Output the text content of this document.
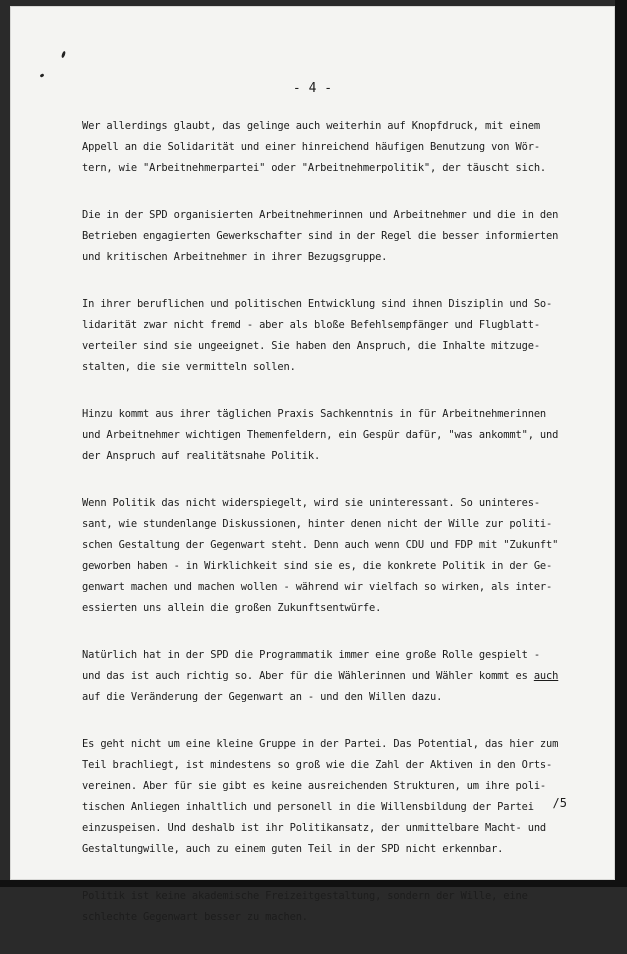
- 4 -

Wer allerdings glaubt, das gelinge auch weiterhin auf Knopfdruck, mit einem
Appell an die Solidarität und einer hinreichend häufigen Benutzung von Wör-
tern, wie "Arbeitnehmerpartei" oder "Arbeitnehmerpolitik", der täuscht sich.

Die in der SPD organisierten Arbeitnehmerinnen und Arbeitnehmer und die in den
Betrieben engagierten Gewerkschafter sind in der Regel die besser informierten
und kritischen Arbeitnehmer in ihrer Bezugsgruppe.

In ihrer beruflichen und politischen Entwicklung sind ihnen Disziplin und So-
lidarität zwar nicht fremd - aber als bloße Befehlsempfänger und Flugblatt-
verteiler sind sie ungeeignet. Sie haben den Anspruch, die Inhalte mitzuge-
stalten, die sie vermitteln sollen.

Hinzu kommt aus ihrer täglichen Praxis Sachkenntnis in für Arbeitnehmerinnen
und Arbeitnehmer wichtigen Themenfeldern, ein Gespür dafür, "was ankommt", und
der Anspruch auf realitätsnahe Politik.

Wenn Politik das nicht widerspiegelt, wird sie uninteressant. So uninteres-
sant, wie stundenlange Diskussionen, hinter denen nicht der Wille zur politi-
schen Gestaltung der Gegenwart steht. Denn auch wenn CDU und FDP mit "Zukunft"
geworben haben - in Wirklichkeit sind sie es, die konkrete Politik in der Ge-
genwart machen und machen wollen - während wir vielfach so wirken, als inter-
essierten uns allein die großen Zukunftsentwürfe.

Natürlich hat in der SPD die Programmatik immer eine große Rolle gespielt -
und das ist auch richtig so. Aber für die Wählerinnen und Wähler kommt es auch
auf die Veränderung der Gegenwart an - und den Willen dazu.

Es geht nicht um eine kleine Gruppe in der Partei. Das Potential, das hier zum
Teil brachliegt, ist mindestens so groß wie die Zahl der Aktiven in den Orts-
vereinen. Aber für sie gibt es keine ausreichenden Strukturen, um ihre poli-
tischen Anliegen inhaltlich und personell in die Willensbildung der Partei
einzuspeisen. Und deshalb ist ihr Politikansatz, der unmittelbare Macht- und
Gestaltungwille, auch zu einem guten Teil in der SPD nicht erkennbar.

Politik ist keine akademische Freizeitgestaltung, sondern der Wille, eine
schlechte Gegenwart besser zu machen.

/5
